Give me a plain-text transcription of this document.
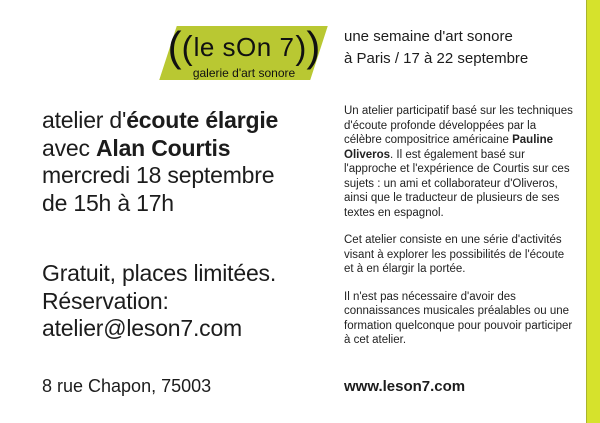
( ( le sOn 7 ) )
galerie d'art sonore
une semaine d'art sonore
à Paris / 17 à 22 septembre
atelier d'écoute élargie
avec Alan Courtis
mercredi 18 septembre
de 15h à 17h
Gratuit, places limitées.
Réservation:
atelier@leson7.com
8 rue Chapon, 75003

Un atelier participatif basé sur les techniques d'écoute profonde développées par la célèbre compositrice américaine Pauline Oliveros. Il est également basé sur l'approche et l'expérience de Courtis sur ces sujets : un ami et collaborateur d'Oliveros, ainsi que le traducteur de plusieurs de ses textes en espagnol.

Cet atelier consiste en une série d'activités visant à explorer les possibilités de l'écoute et à en élargir la portée.

Il n'est pas nécessaire d'avoir des connaissances musicales préalables ou une formation quelconque pour pouvoir participer à cet atelier.

www.leson7.com
